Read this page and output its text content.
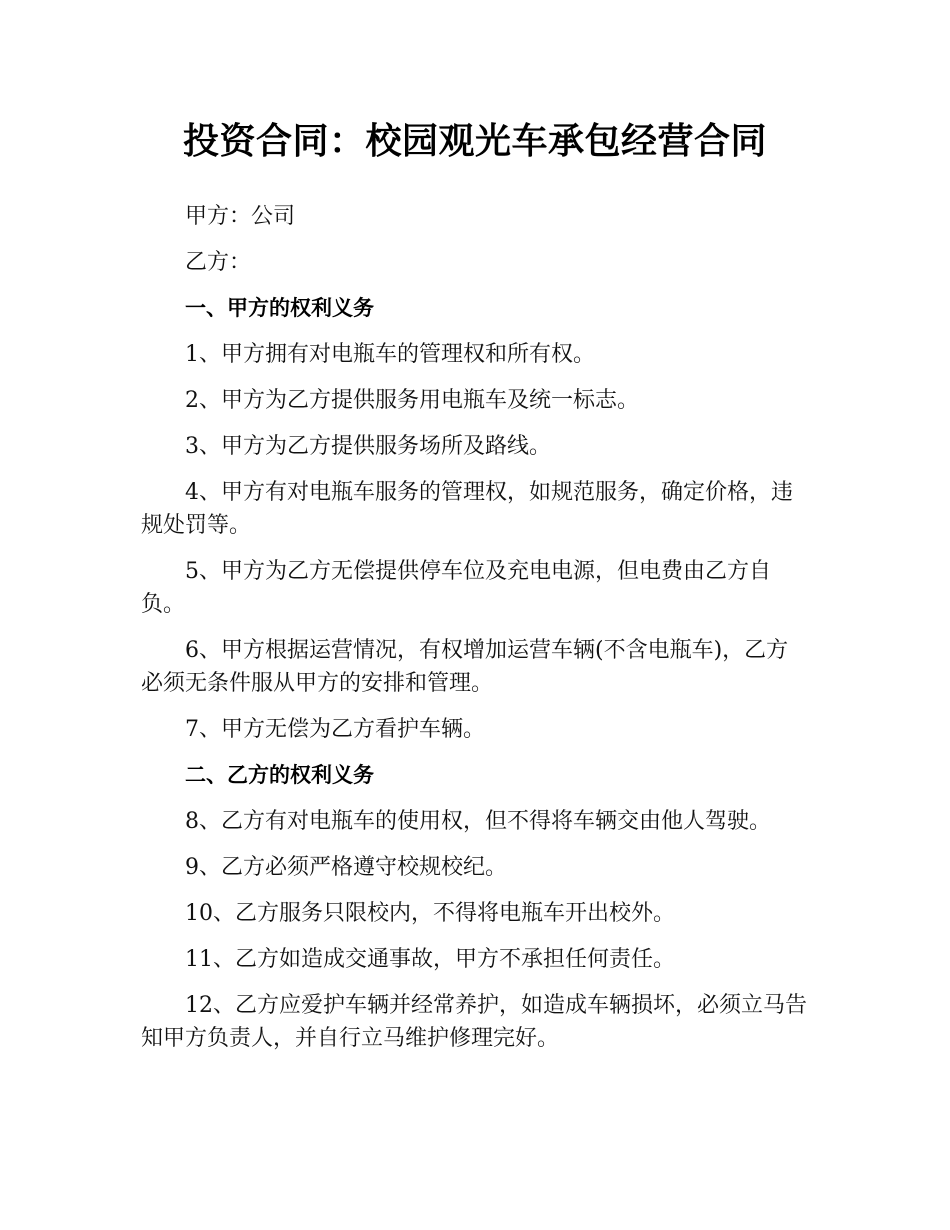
投资合同：校园观光车承包经营合同

甲方：公司

乙方：

一、甲方的权利义务

1、甲方拥有对电瓶车的管理权和所有权。

2、甲方为乙方提供服务用电瓶车及统一标志。

3、甲方为乙方提供服务场所及路线。

4、甲方有对电瓶车服务的管理权，如规范服务，确定价格，违规处罚等。

5、甲方为乙方无偿提供停车位及充电电源，但电费由乙方自负。

6、甲方根据运营情况，有权增加运营车辆(不含电瓶车)，乙方必须无条件服从甲方的安排和管理。

7、甲方无偿为乙方看护车辆。

二、乙方的权利义务

8、乙方有对电瓶车的使用权，但不得将车辆交由他人驾驶。

9、乙方必须严格遵守校规校纪。

10、乙方服务只限校内，不得将电瓶车开出校外。

11、乙方如造成交通事故，甲方不承担任何责任。

12、乙方应爱护车辆并经常养护，如造成车辆损坏，必须立马告知甲方负责人，并自行立马维护修理完好。
